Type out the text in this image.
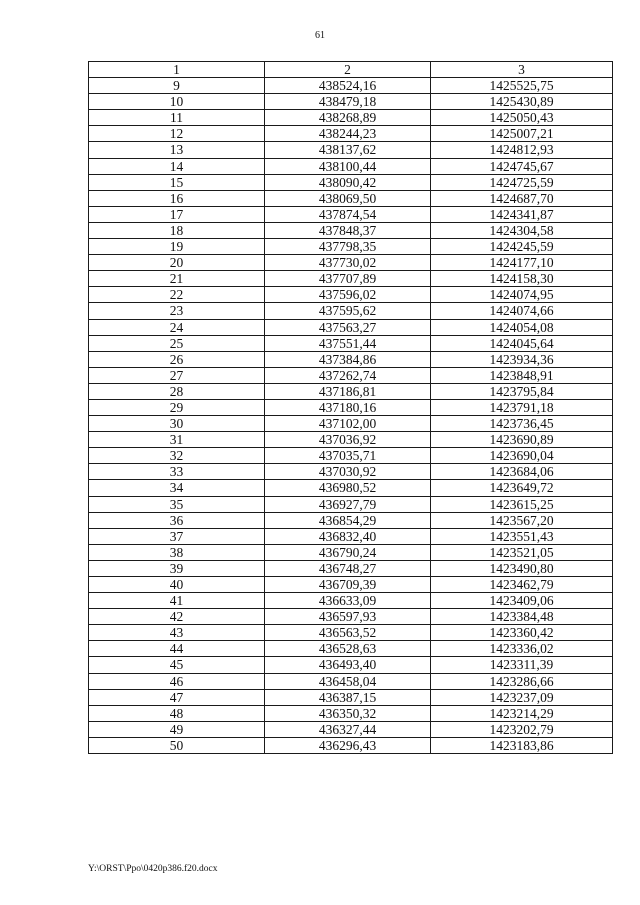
61
1	2	3
9	438524,16	1425525,75
10	438479,18	1425430,89
11	438268,89	1425050,43
12	438244,23	1425007,21
13	438137,62	1424812,93
14	438100,44	1424745,67
15	438090,42	1424725,59
16	438069,50	1424687,70
17	437874,54	1424341,87
18	437848,37	1424304,58
19	437798,35	1424245,59
20	437730,02	1424177,10
21	437707,89	1424158,30
22	437596,02	1424074,95
23	437595,62	1424074,66
24	437563,27	1424054,08
25	437551,44	1424045,64
26	437384,86	1423934,36
27	437262,74	1423848,91
28	437186,81	1423795,84
29	437180,16	1423791,18
30	437102,00	1423736,45
31	437036,92	1423690,89
32	437035,71	1423690,04
33	437030,92	1423684,06
34	436980,52	1423649,72
35	436927,79	1423615,25
36	436854,29	1423567,20
37	436832,40	1423551,43
38	436790,24	1423521,05
39	436748,27	1423490,80
40	436709,39	1423462,79
41	436633,09	1423409,06
42	436597,93	1423384,48
43	436563,52	1423360,42
44	436528,63	1423336,02
45	436493,40	1423311,39
46	436458,04	1423286,66
47	436387,15	1423237,09
48	436350,32	1423214,29
49	436327,44	1423202,79
50	436296,43	1423183,86
Y:\ORST\Ppo\0420p386.f20.docx
